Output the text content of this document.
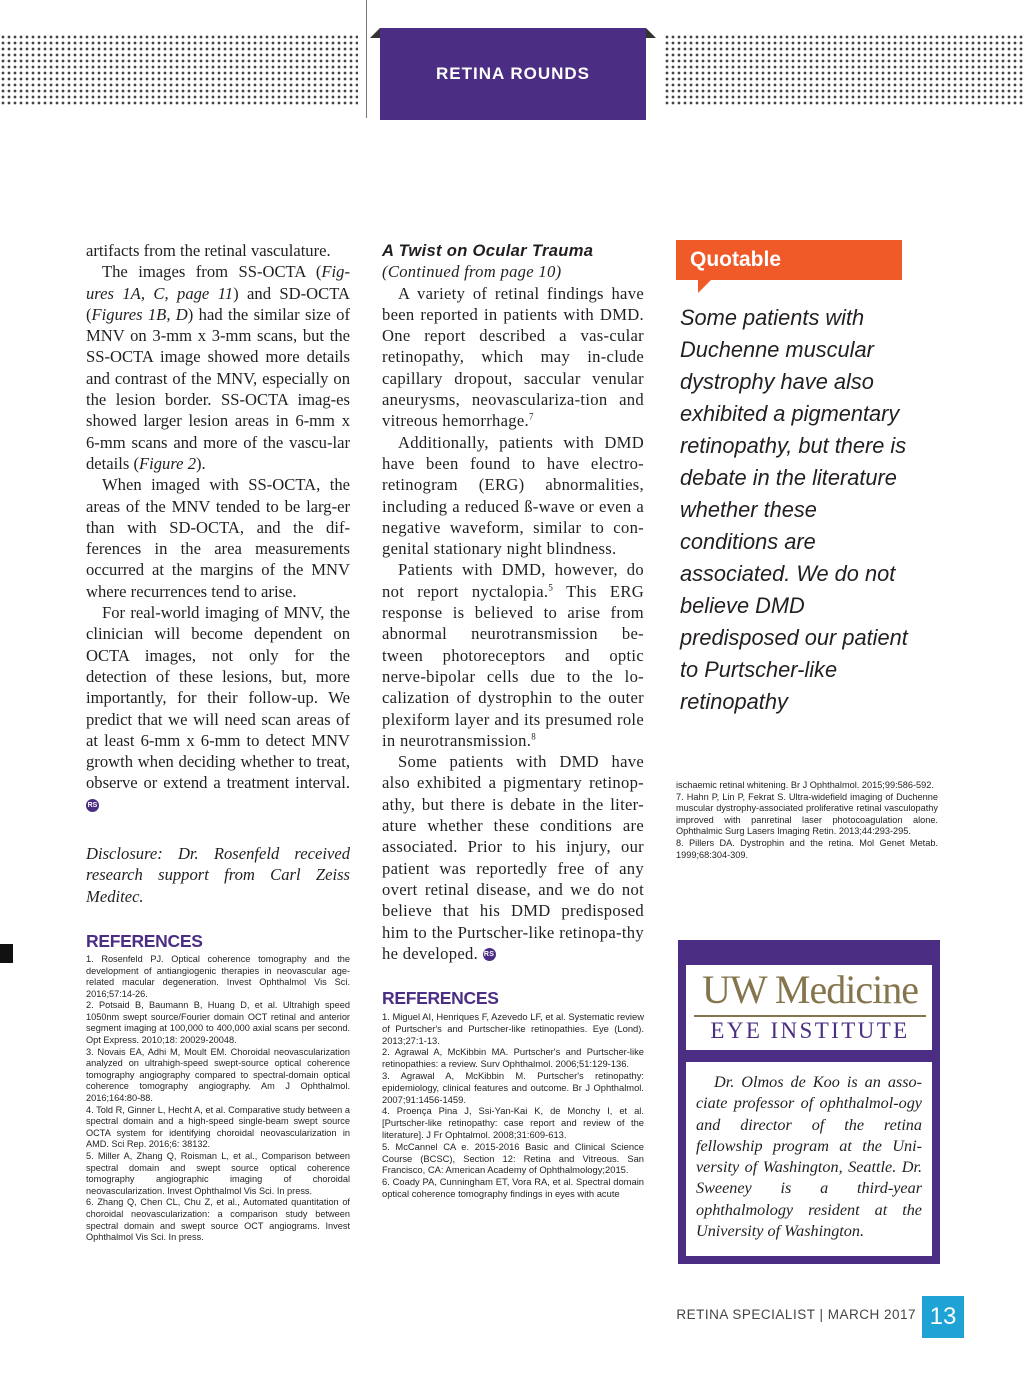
RETINA ROUNDS

artifacts from the retinal vasculature.

The images from SS-OCTA (Fig-ures 1A, C, page 11) and SD-OCTA (Figures 1B, D) had the similar size of MNV on 3-mm x 3-mm scans, but the SS-OCTA image showed more details and contrast of the MNV, especially on the lesion border. SS-OCTA imag-es showed larger lesion areas in 6-mm x 6-mm scans and more of the vascu-lar details (Figure 2).

When imaged with SS-OCTA, the areas of the MNV tended to be larg-er than with SD-OCTA, and the dif-ferences in the area measurements occurred at the margins of the MNV where recurrences tend to arise.

For real-world imaging of MNV, the clinician will become dependent on OCTA images, not only for the detection of these lesions, but, more importantly, for their follow-up. We predict that we will need scan areas of at least 6-mm x 6-mm to detect MNV growth when deciding whether to treat, observe or extend a treatment interval. RS

Disclosure: Dr. Rosenfeld received research support from Carl Zeiss Meditec.

REFERENCES
1. Rosenfeld PJ. Optical coherence tomography and the development of antiangiogenic therapies in neovascular age-related macular degeneration. Invest Ophthalmol Vis Sci. 2016;57:14-26.
2. Potsaid B, Baumann B, Huang D, et al. Ultrahigh speed 1050nm swept source/Fourier domain OCT retinal and anterior segment imaging at 100,000 to 400,000 axial scans per second. Opt Express. 2010;18: 20029-20048.
3. Novais EA, Adhi M, Moult EM. Choroidal neovascularization analyzed on ultrahigh-speed swept-source optical coherence tomography angiography compared to spectral-domain optical coherence tomography angiography. Am J Ophthalmol. 2016;164:80-88.
4. Told R, Ginner L, Hecht A, et al. Comparative study between a spectral domain and a high-speed single-beam swept source OCTA system for identifying choroidal neovascularization in AMD. Sci Rep. 2016;6: 38132.
5. Miller A, Zhang Q, Roisman L, et al., Comparison between spectral domain and swept source optical coherence tomography angiographic imaging of choroidal neovascularization. Invest Ophthalmol Vis Sci. In press.
6. Zhang Q, Chen CL, Chu Z, et al., Automated quantitation of choroidal neovascularization: a comparison study between spectral domain and swept source OCT angiograms. Invest Ophthalmol Vis Sci. In press.

A Twist on Ocular Trauma

(Continued from page 10)

A variety of retinal findings have been reported in patients with DMD. One report described a vas-cular retinopathy, which may in-clude capillary dropout, saccular venular aneurysms, neovasculariza-tion and vitreous hemorrhage.$^7$

Additionally, patients with DMD have been found to have electro-retinogram (ERG) abnormalities, including a reduced ß-wave or even a negative waveform, similar to con-genital stationary night blindness.

Patients with DMD, however, do not report nyctalopia.$^5$ This ERG response is believed to arise from abnormal neurotransmission be-tween photoreceptors and optic nerve-bipolar cells due to the lo-calization of dystrophin to the outer plexiform layer and its presumed role in neurotransmission.$^8$

Some patients with DMD have also exhibited a pigmentary retinop-athy, but there is debate in the liter-ature whether these conditions are associated. Prior to his injury, our patient was reportedly free of any overt retinal disease, and we do not believe that his DMD predisposed him to the Purtscher-like retinopa-thy he developed. RS

REFERENCES
1. Miguel AI, Henriques F, Azevedo LF, et al. Systematic review of Purtscher's and Purtscher-like retinopathies. Eye (Lond). 2013;27:1-13.
2. Agrawal A, McKibbin MA. Purtscher's and Purtscher-like retinopathies: a review. Surv Ophthalmol. 2006;51:129-136.
3. Agrawal A, McKibbin M. Purtscher's retinopathy: epidemiology, clinical features and outcome. Br J Ophthalmol. 2007;91:1456-1459.
4. Proença Pina J, Ssi-Yan-Kai K, de Monchy I, et al. [Purtscher-like retinopathy: case report and review of the literature]. J Fr Ophtalmol. 2008;31:609-613.
5. McCannel CA e. 2015-2016 Basic and Clinical Science Course (BCSC), Section 12: Retina and Vitreous. San Francisco, CA: American Academy of Ophthalmology;2015.
6. Coady PA, Cunningham ET, Vora RA, et al. Spectral domain optical coherence tomography findings in eyes with acute
Quotable
Some patients with Duchenne muscular dystrophy have also exhibited a pigmentary retinopathy, but there is debate in the literature whether these conditions are associated. We do not believe DMD predisposed our patient to Purtscher-like retinopathy
ischaemic retinal whitening. Br J Ophthalmol. 2015;99:586-592.
7. Hahn P, Lin P, Fekrat S. Ultra-widefield imaging of Duchenne muscular dystrophy-associated proliferative retinal vasculopathy improved with panretinal laser photocoagulation alone. Ophthalmic Surg Lasers Imaging Retin. 2013;44:293-295.
8. Pillers DA. Dystrophin and the retina. Mol Genet Metab. 1999;68:304-309.
UW Medicine
EYE INSTITUTE
Dr. Olmos de Koo is an asso-ciate professor of ophthalmol-ogy and director of the retina fellowship program at the Uni-versity of Washington, Seattle. Dr. Sweeney is a third-year ophthalmology resident at the University of Washington.
RETINA SPECIALIST | MARCH 2017 13
